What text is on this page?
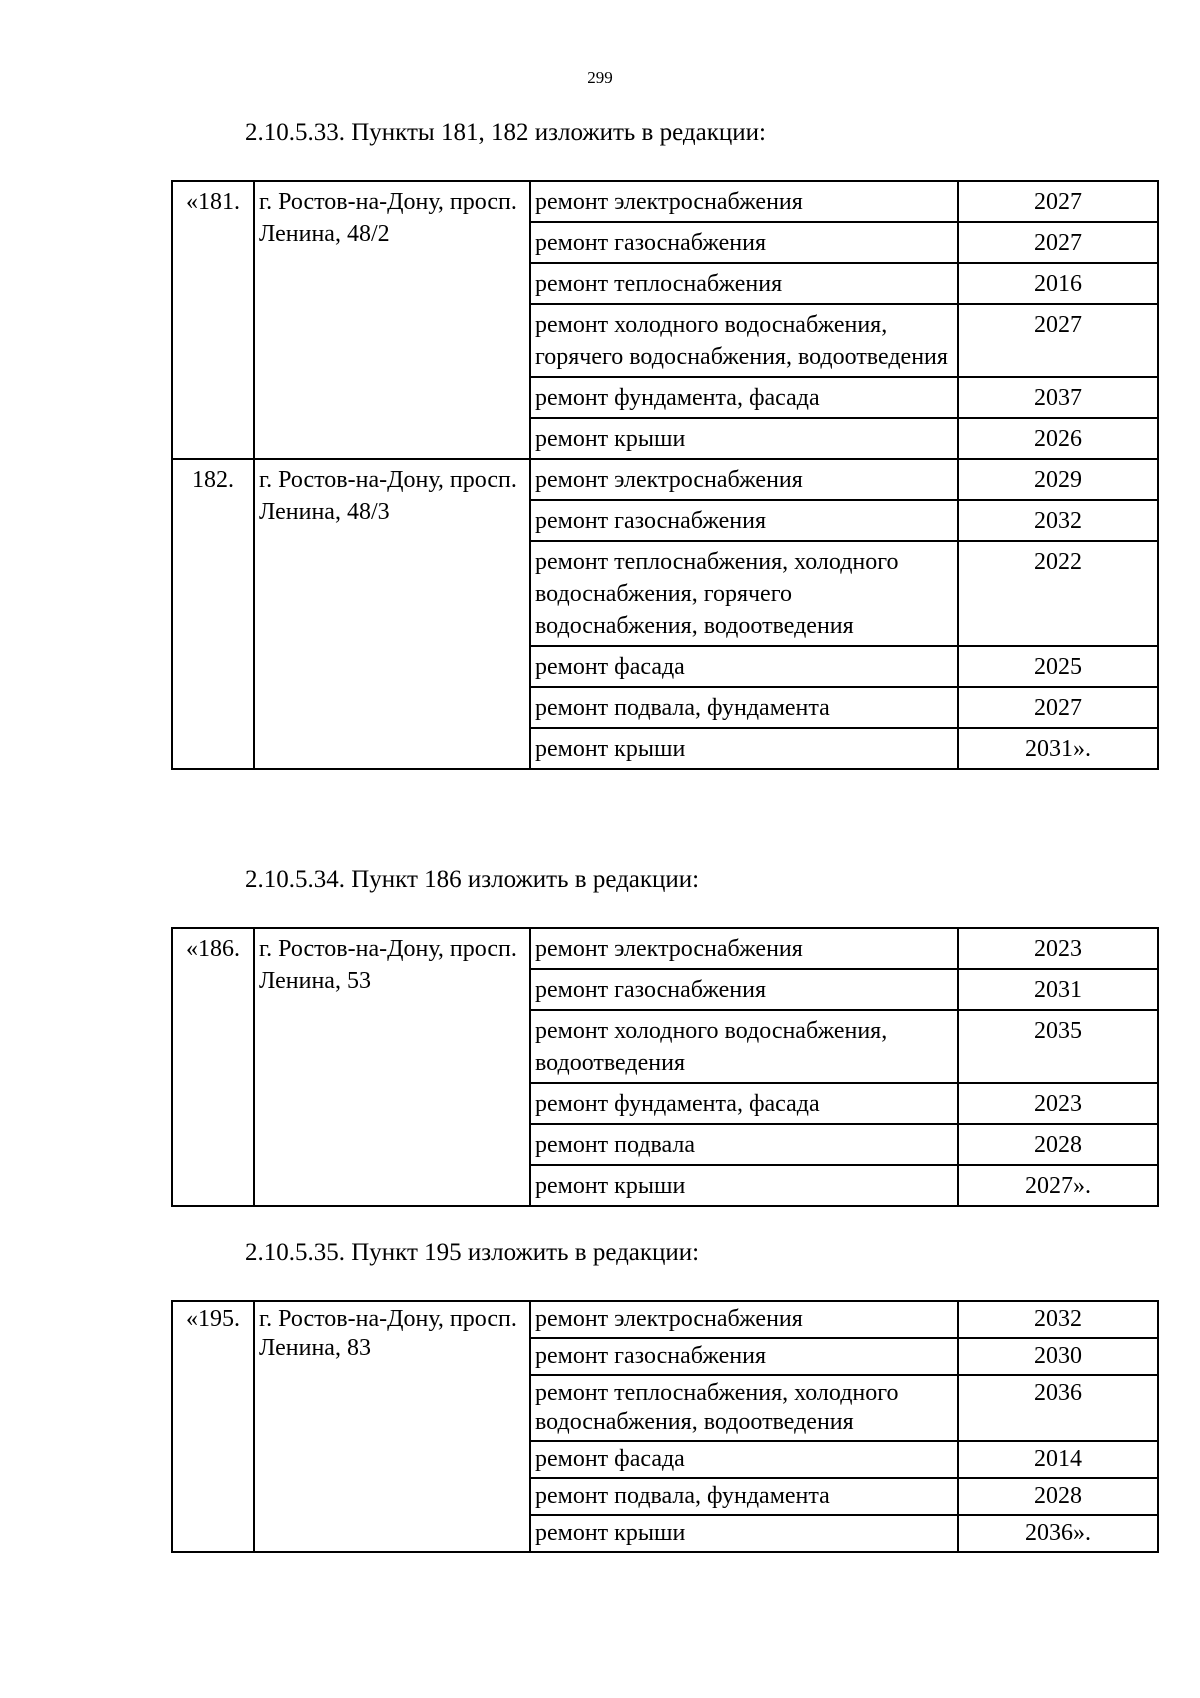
299
2.10.5.33. Пункты 181, 182 изложить в редакции:
«181.	г. Ростов-на-Дону, просп. Ленина, 48/2	ремонт электроснабжения	2027
		ремонт газоснабжения	2027
		ремонт теплоснабжения	2016
		ремонт холодного водоснабжения, горячего водоснабжения, водоотведения	2027
		ремонт фундамента, фасада	2037
		ремонт крыши	2026
182.	г. Ростов-на-Дону, просп. Ленина, 48/3	ремонт электроснабжения	2029
		ремонт газоснабжения	2032
		ремонт теплоснабжения, холодного водоснабжения, горячего водоснабжения, водоотведения	2022
		ремонт фасада	2025
		ремонт подвала, фундамента	2027
		ремонт крыши	2031».
2.10.5.34. Пункт 186 изложить в редакции:
«186.	г. Ростов-на-Дону, просп. Ленина, 53	ремонт электроснабжения	2023
		ремонт газоснабжения	2031
		ремонт холодного водоснабжения, водоотведения	2035
		ремонт фундамента, фасада	2023
		ремонт подвала	2028
		ремонт крыши	2027».
2.10.5.35. Пункт 195 изложить в редакции:
«195.	г. Ростов-на-Дону, просп. Ленина, 83	ремонт электроснабжения	2032
		ремонт газоснабжения	2030
		ремонт теплоснабжения, холодного водоснабжения, водоотведения	2036
		ремонт фасада	2014
		ремонт подвала, фундамента	2028
		ремонт крыши	2036».
